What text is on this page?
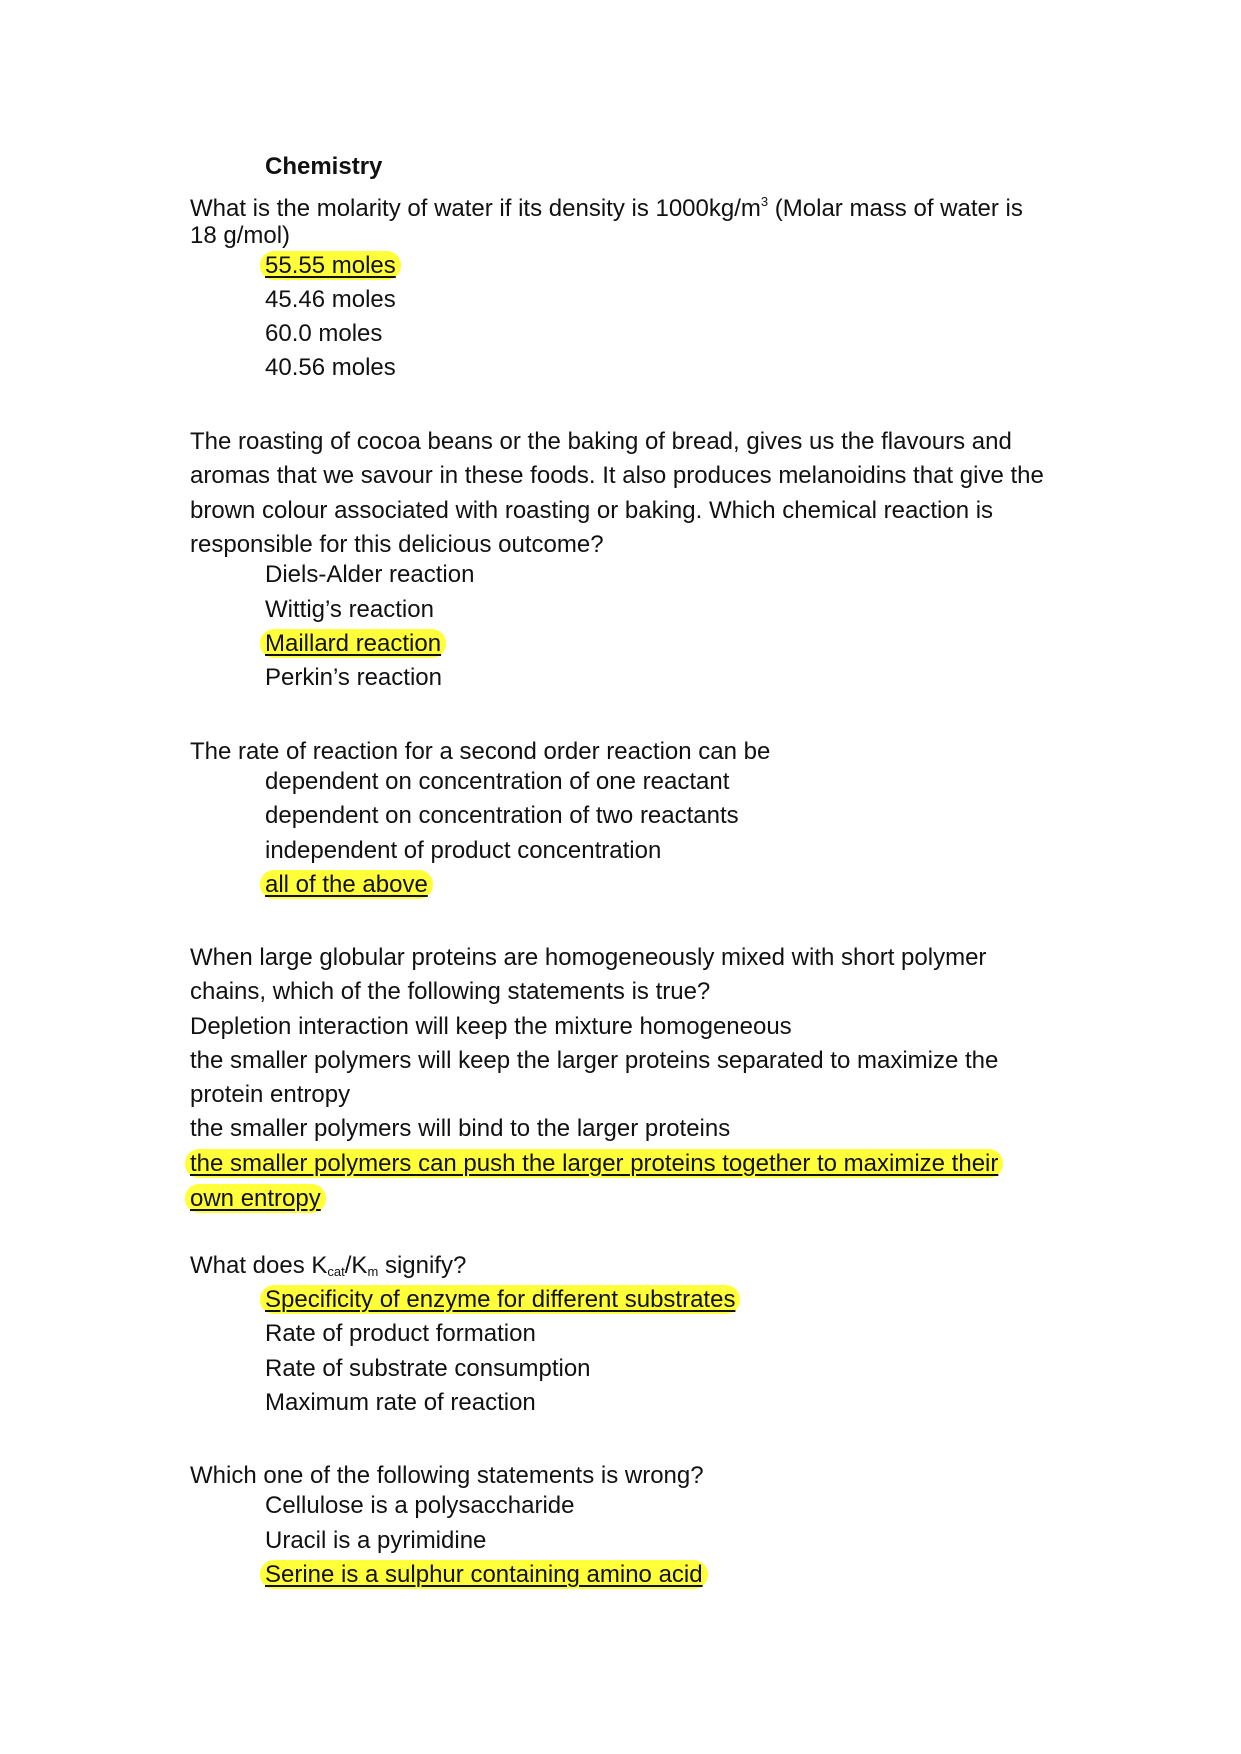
Chemistry
What is the molarity of water if its density is $1000kg/m^3$ (Molar mass of water is
18 g/mol)
55.55 moles
45.46 moles
60.0 moles
40.56 moles
The roasting of cocoa beans or the baking of bread, gives us the flavours and
aromas that we savour in these foods. It also produces melanoidins that give the
brown colour associated with roasting or baking. Which chemical reaction is
responsible for this delicious outcome?
Diels-Alder reaction
Wittig’s reaction
Maillard reaction
Perkin’s reaction
The rate of reaction for a second order reaction can be
dependent on concentration of one reactant
dependent on concentration of two reactants
independent of product concentration
all of the above
When large globular proteins are homogeneously mixed with short polymer
chains, which of the following statements is true?
Depletion interaction will keep the mixture homogeneous
the smaller polymers will keep the larger proteins separated to maximize the
protein entropy
the smaller polymers will bind to the larger proteins
the smaller polymers can push the larger proteins together to maximize their
own entropy
What does $K_{cat}/K_m$ signify?
Specificity of enzyme for different substrates
Rate of product formation
Rate of substrate consumption
Maximum rate of reaction
Which one of the following statements is wrong?
Cellulose is a polysaccharide
Uracil is a pyrimidine
Serine is a sulphur containing amino acid
